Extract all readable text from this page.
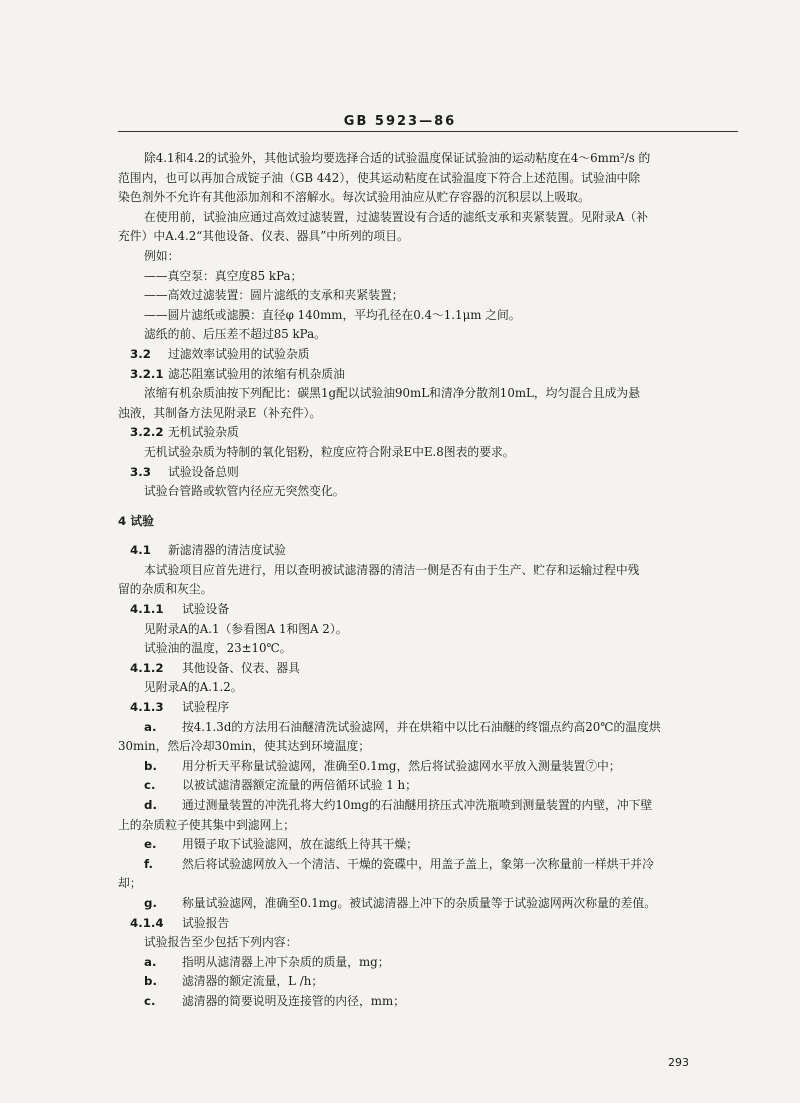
GB 5923—86
除4.1和4.2的试验外，其他试验均要选择合适的试验温度保证试验油的运动粘度在4～6mm²/s 的
范围内，也可以再加合成锭子油（GB 442），使其运动粘度在试验温度下符合上述范围。试验油中除
染色剂外不允许有其他添加剂和不溶解水。每次试验用油应从贮存容器的沉积层以上吸取。
在使用前，试验油应通过高效过滤装置，过滤装置设有合适的滤纸支承和夹紧装置。见附录A（补
充件）中A.4.2“其他设备、仪表、器具”中所列的项目。
例如：
——真空泵：真空度85 kPa；
——高效过滤装置：圆片滤纸的支承和夹紧装置；
——圆片滤纸或滤膜：直径φ 140mm，平均孔径在0.4～1.1μm 之间。
滤纸的前、后压差不超过85 kPa。
3.2 过滤效率试验用的试验杂质
3.2.1 滤芯阻塞试验用的浓缩有机杂质油
浓缩有机杂质油按下列配比：碳黑1g配以试验油90mL和清净分散剂10mL，均匀混合且成为悬
浊液，其制备方法见附录E（补充件）。
3.2.2 无机试验杂质
无机试验杂质为特制的氧化铝粉，粒度应符合附录E中E.8图表的要求。
3.3 试验设备总则
试验台管路或软管内径应无突然变化。
4 试验
4.1 新滤清器的清洁度试验
本试验项目应首先进行，用以查明被试滤清器的清洁一侧是否有由于生产、贮存和运输过程中残
留的杂质和灰尘。
4.1.1 试验设备
见附录A的A.1（参看图A 1和图A 2）。
试验油的温度，23±10℃。
4.1.2 其他设备、仪表、器具
见附录A的A.1.2。
4.1.3 试验程序
a. 按4.1.3d的方法用石油醚清洗试验滤网，并在烘箱中以比石油醚的终馏点约高20℃的温度烘
30min，然后冷却30min，使其达到环境温度；
b. 用分析天平称量试验滤网，准确至0.1mg，然后将试验滤网水平放入测量装置⑦中；
c. 以被试滤清器额定流量的两倍循环试验 1 h；
d. 通过测量装置的冲洗孔将大约10mg的石油醚用挤压式冲洗瓶喷到测量装置的内壁，冲下壁
上的杂质粒子使其集中到滤网上；
e. 用镊子取下试验滤网，放在滤纸上待其干燥；
f. 然后将试验滤网放入一个清洁、干燥的瓷碟中，用盖子盖上，象第一次称量前一样烘干并冷
却；
g. 称量试验滤网，准确至0.1mg。被试滤清器上冲下的杂质量等于试验滤网两次称量的差值。
4.1.4 试验报告
试验报告至少包括下列内容：
a. 指明从滤清器上冲下杂质的质量，mg；
b. 滤清器的额定流量，L /h；
c. 滤清器的简要说明及连接管的内径，mm；
293
